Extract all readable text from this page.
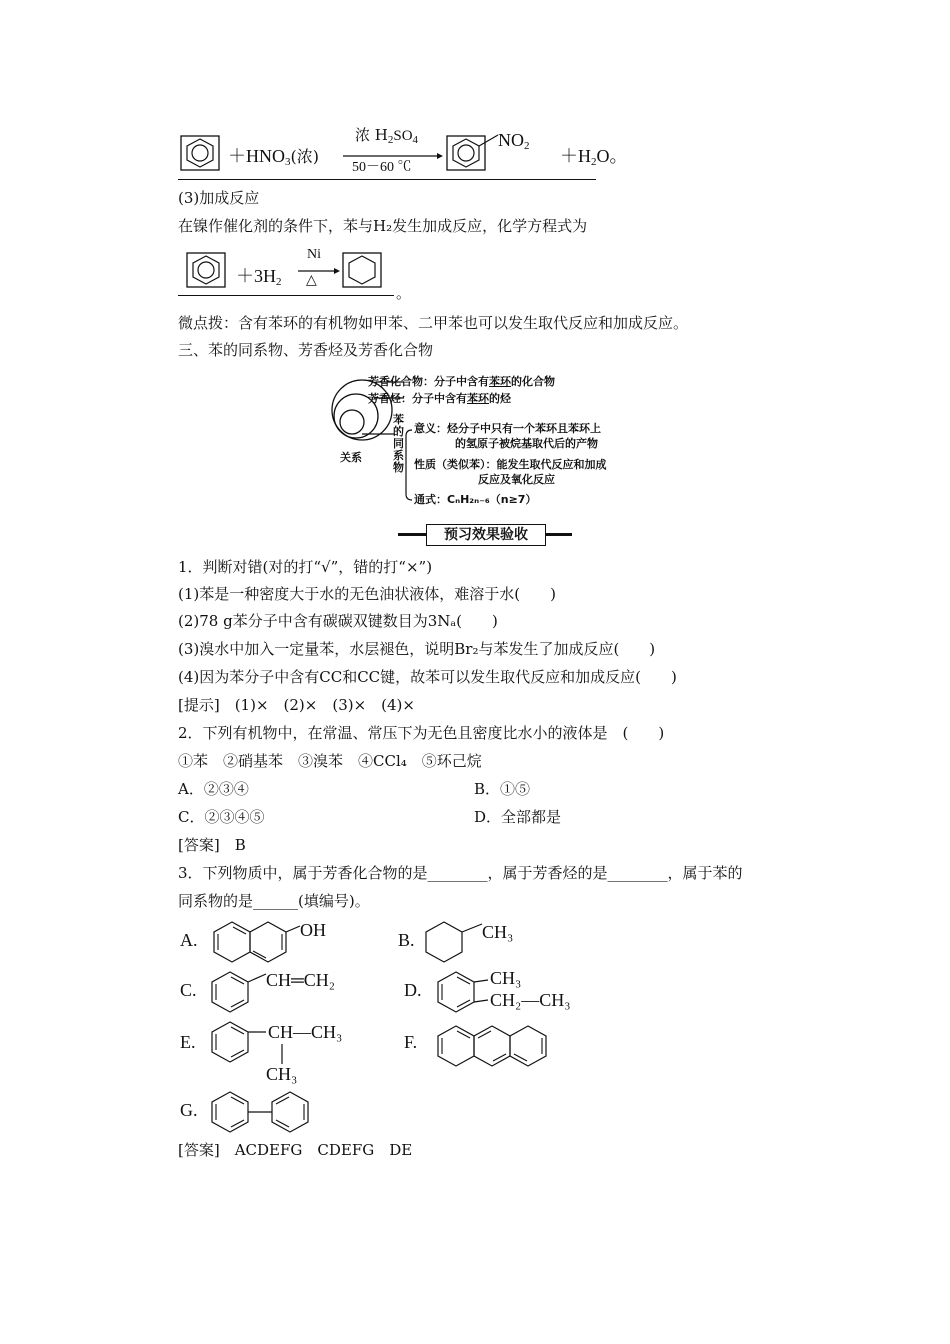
$+HNO_3$(浓)
浓 $H_2SO_4$
50－60 ℃
$NO_2 +H_2O$。
(3)加成反应
在镍作催化剂的条件下，苯与H₂发生加成反应，化学方程式为
$+3H_2$
Ni
△
。
微点拨：含有苯环的有机物如甲苯、二甲苯也可以发生取代反应和加成反应。
三、苯的同系物、芳香烃及芳香化合物
芳香化合物：分子中含有苯环的化合物
芳香烃：分子中含有苯环的烃
苯的同系物
关系
意义：烃分子中只有一个苯环且苯环上
的氢原子被烷基取代后的产物
性质（类似苯）：能发生取代反应和加成
反应及氧化反应
通式：CₙH₂ₙ₋₆（n≥7）
预习效果验收
1．判断对错(对的打“√”，错的打“×”)
(1)苯是一种密度大于水的无色油状液体，难溶于水(　　)
(2)78 g苯分子中含有碳碳双键数目为3Nₐ(　　)
(3)溴水中加入一定量苯，水层褪色，说明Br₂与苯发生了加成反应(　　)
(4)因为苯分子中含有CC和CC键，故苯可以发生取代反应和加成反应(　　)
[提示]　(1)×　(2)×　(3)×　(4)×
2．下列有机物中，在常温、常压下为无色且密度比水小的液体是　(　　)
①苯　②硝基苯　③溴苯　④CCl₄　⑤环己烷
A．②③④	B．①⑤
C．②③④⑤	D．全部都是
[答案]　B
3．下列物质中，属于芳香化合物的是________，属于芳香烃的是________，属于苯的
同系物的是______(填编号)。
A.	OH	B.	CH₃
C.	CH═CH₂	D.
CH₃
CH₂—CH₃
E.	CH—CH₃
CH₃
F.
G.
[答案]　ACDEFG　CDEFG　DE
